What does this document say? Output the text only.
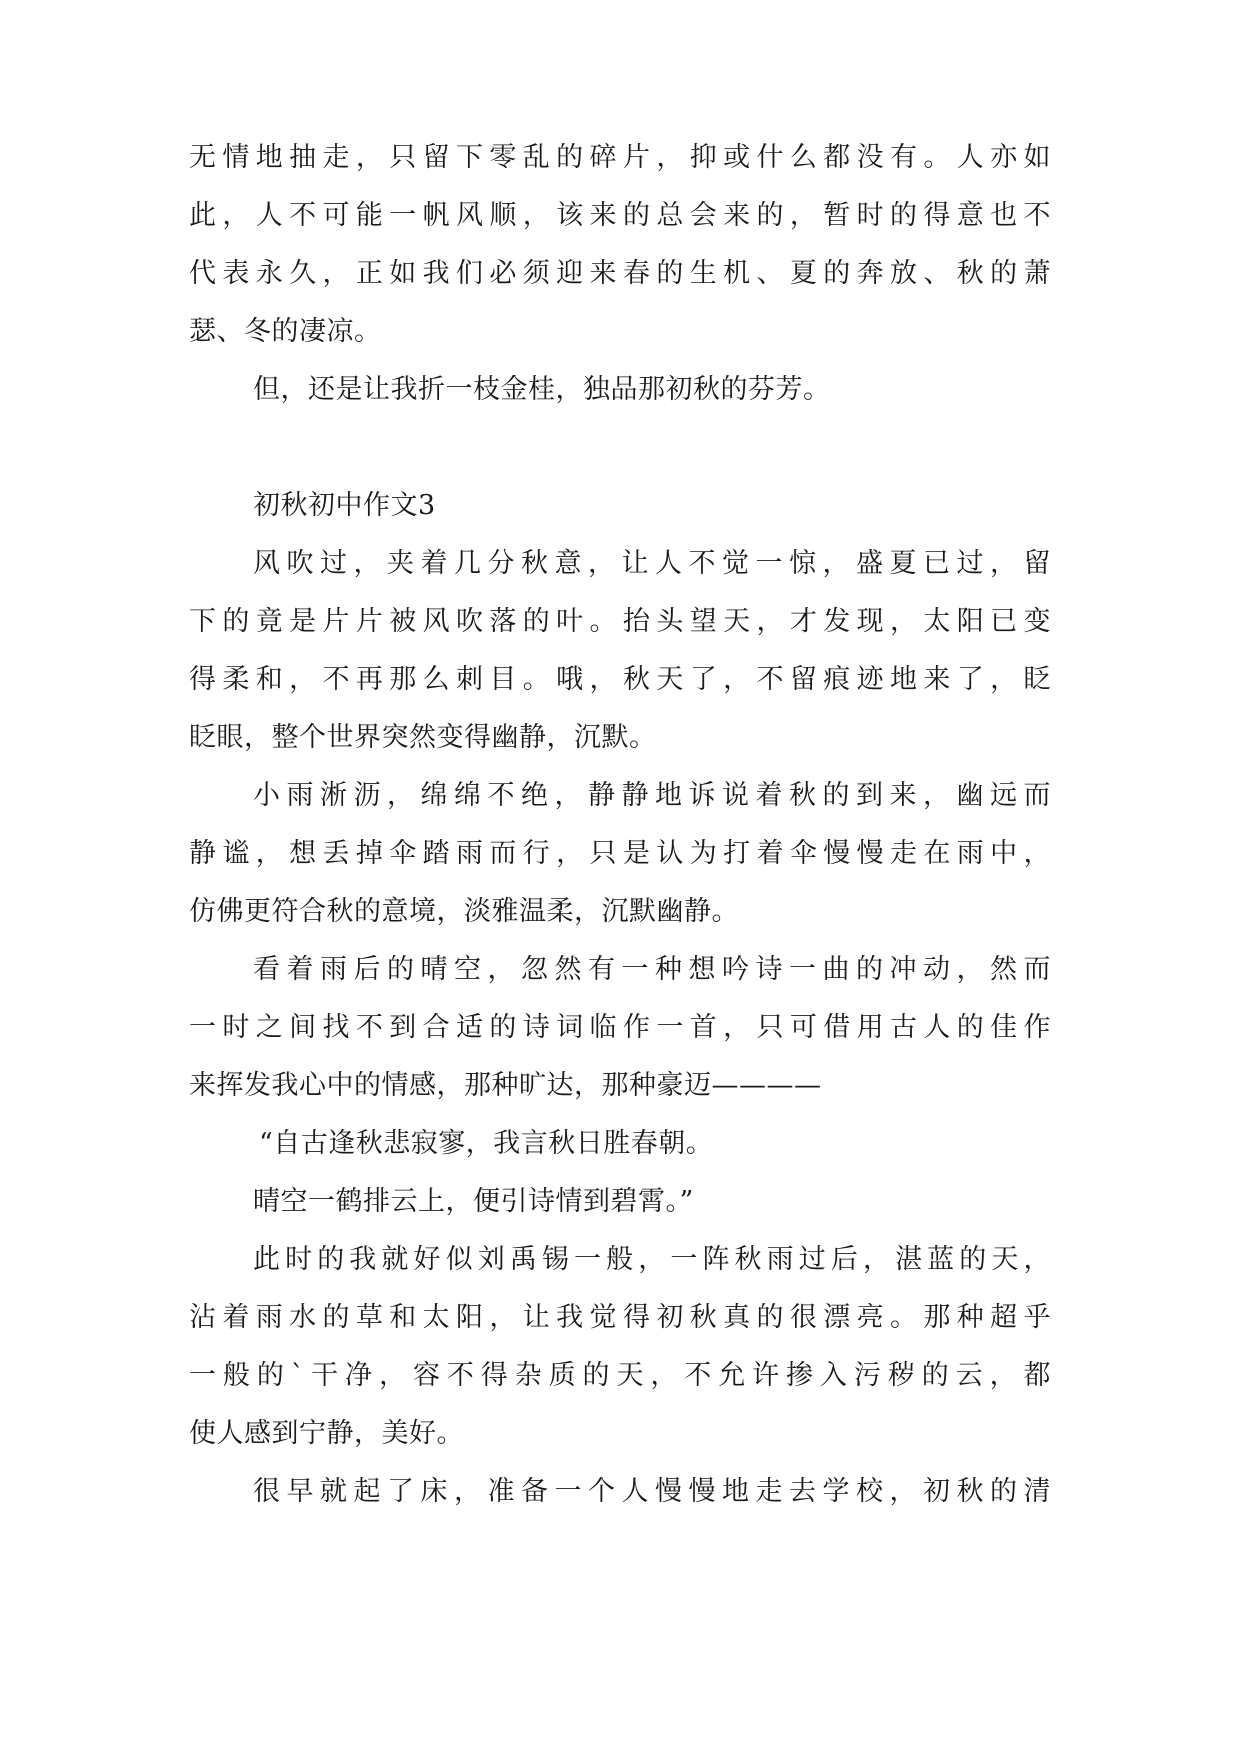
无情地抽走，只留下零乱的碎片，抑或什么都没有。人亦如
此，人不可能一帆风顺，该来的总会来的，暂时的得意也不
代表永久，正如我们必须迎来春的生机、夏的奔放、秋的萧
瑟、冬的凄凉。
但，还是让我折一枝金桂，独品那初秋的芬芳。
初秋初中作文3
风吹过，夹着几分秋意，让人不觉一惊，盛夏已过，留
下的竟是片片被风吹落的叶。抬头望天，才发现，太阳已变
得柔和，不再那么刺目。哦，秋天了，不留痕迹地来了，眨
眨眼，整个世界突然变得幽静，沉默。
小雨淅沥，绵绵不绝，静静地诉说着秋的到来，幽远而
静谧，想丢掉伞踏雨而行，只是认为打着伞慢慢走在雨中，
仿佛更符合秋的意境，淡雅温柔，沉默幽静。
看着雨后的晴空，忽然有一种想吟诗一曲的冲动，然而
一时之间找不到合适的诗词临作一首，只可借用古人的佳作
来挥发我心中的情感，那种旷达，那种豪迈————
“自古逢秋悲寂寥，我言秋日胜春朝。
晴空一鹤排云上，便引诗情到碧霄。”
此时的我就好似刘禹锡一般，一阵秋雨过后，湛蓝的天，
沾着雨水的草和太阳，让我觉得初秋真的很漂亮。那种超乎
一般的`干净，容不得杂质的天，不允许掺入污秽的云，都
使人感到宁静，美好。
很早就起了床，准备一个人慢慢地走去学校，初秋的清
